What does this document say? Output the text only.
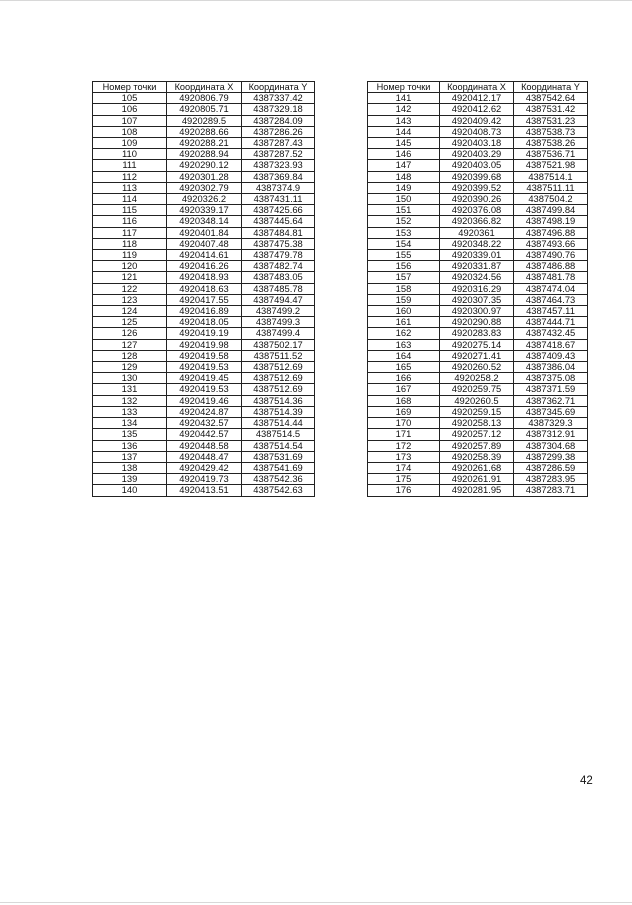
Номер точки	Координата X	Координата Y
105	4920806.79	4387337.42
106	4920805.71	4387329.18
107	4920289.5	4387284.09
108	4920288.66	4387286.26
109	4920288.21	4387287.43
110	4920288.94	4387287.52
111	4920290.12	4387323.93
112	4920301.28	4387369.84
113	4920302.79	4387374.9
114	4920326.2	4387431.11
115	4920339.17	4387425.66
116	4920348.14	4387445.64
117	4920401.84	4387484.81
118	4920407.48	4387475.38
119	4920414.61	4387479.78
120	4920416.26	4387482.74
121	4920418.93	4387483.05
122	4920418.63	4387485.78
123	4920417.55	4387494.47
124	4920416.89	4387499.2
125	4920418.05	4387499.3
126	4920419.19	4387499.4
127	4920419.98	4387502.17
128	4920419.58	4387511.52
129	4920419.53	4387512.69
130	4920419.45	4387512.69
131	4920419.53	4387512.69
132	4920419.46	4387514.36
133	4920424.87	4387514.39
134	4920432.57	4387514.44
135	4920442.57	4387514.5
136	4920448.58	4387514.54
137	4920448.47	4387531.69
138	4920429.42	4387541.69
139	4920419.73	4387542.36
140	4920413.51	4387542.63
Номер точки	Координата X	Координата Y
141	4920412.17	4387542.64
142	4920412.62	4387531.42
143	4920409.42	4387531.23
144	4920408.73	4387538.73
145	4920403.18	4387538.26
146	4920403.29	4387536.71
147	4920403.05	4387521.98
148	4920399.68	4387514.1
149	4920399.52	4387511.11
150	4920390.26	4387504.2
151	4920376.08	4387499.84
152	4920366.82	4387498.19
153	4920361	4387496.88
154	4920348.22	4387493.66
155	4920339.01	4387490.76
156	4920331.87	4387486.88
157	4920324.56	4387481.78
158	4920316.29	4387474.04
159	4920307.35	4387464.73
160	4920300.97	4387457.11
161	4920290.88	4387444.71
162	4920283.83	4387432.45
163	4920275.14	4387418.67
164	4920271.41	4387409.43
165	4920260.52	4387386.04
166	4920258.2	4387375.08
167	4920259.75	4387371.59
168	4920260.5	4387362.71
169	4920259.15	4387345.69
170	4920258.13	4387329.3
171	4920257.12	4387312.91
172	4920257.89	4387304.68
173	4920258.39	4387299.38
174	4920261.68	4387286.59
175	4920261.91	4387283.95
176	4920281.95	4387283.71
42
